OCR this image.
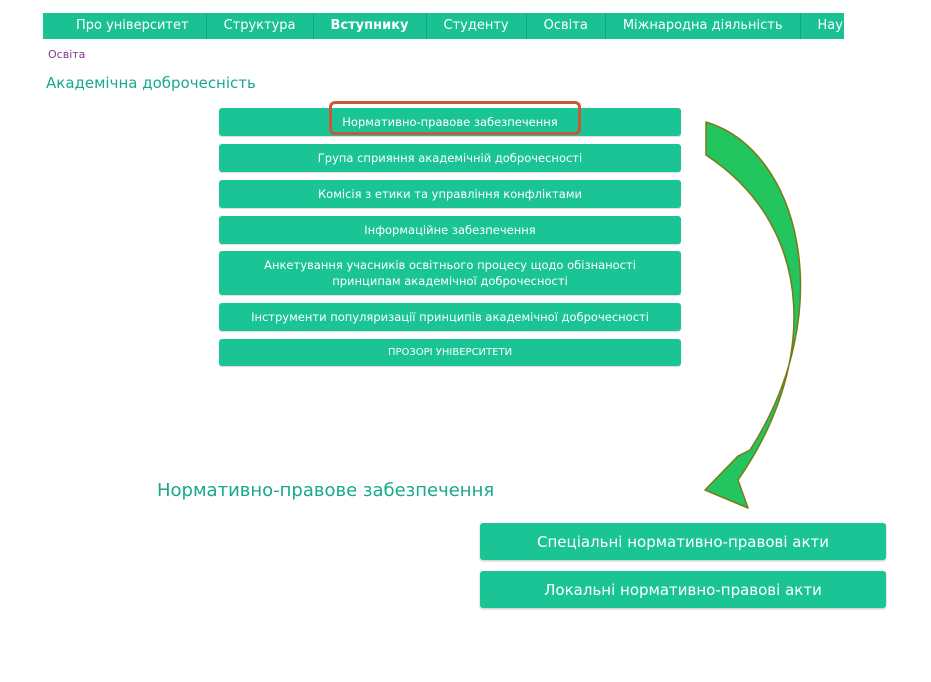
Про університет	Структура	Вступнику	Студенту	Освіта	Міжнародна діяльність	Наука
Освіта
Академічна доброчесність
Нормативно-правове забезпечення
Група сприяння академічній доброчесності
Комісія з етики та управління конфліктами
Інформаційне забезпечення
Анкетування учасників освітнього процесу щодо обізнаності
принципам академічної доброчесності
Інструменти популяризації принципів академічної доброчесності
ПРОЗОРІ УНІВЕРСИТЕТИ
Нормативно-правове забезпечення
Спеціальні нормативно-правові акти
Локальні нормативно-правові акти
